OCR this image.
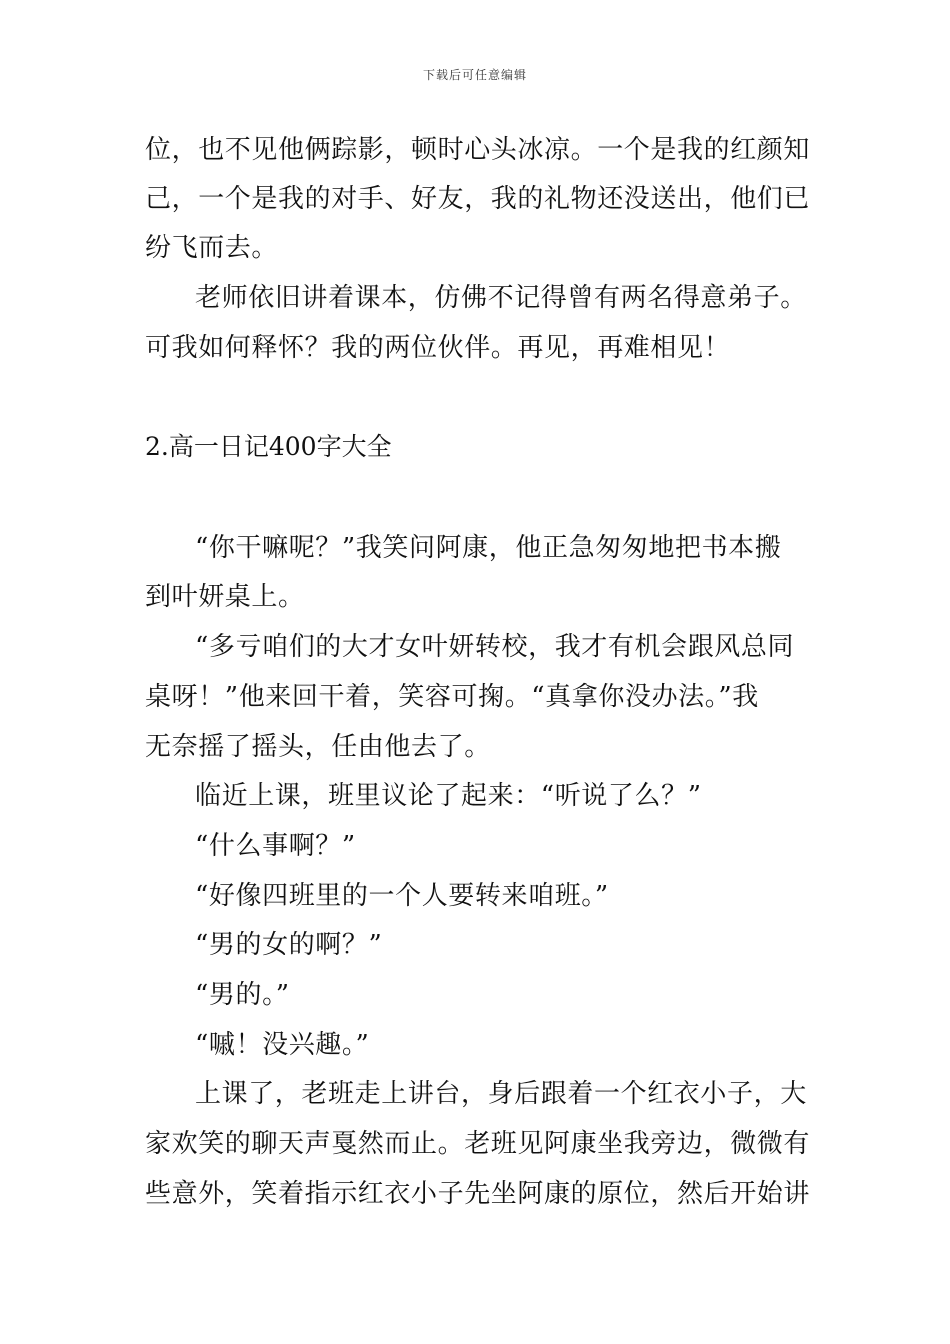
下载后可任意编辑
位，也不见他俩踪影，顿时心头冰凉。一个是我的红颜知
己，一个是我的对手、好友，我的礼物还没送出，他们已
纷飞而去。
老师依旧讲着课本，仿佛不记得曾有两名得意弟子。
可我如何释怀？我的两位伙伴。再见，再难相见！
2.高一日记400字大全
“你干嘛呢？”我笑问阿康，他正急匆匆地把书本搬
到叶妍桌上。
“多亏咱们的大才女叶妍转校，我才有机会跟风总同
桌呀！”他来回干着，笑容可掬。“真拿你没办法。”我
无奈摇了摇头，任由他去了。
临近上课，班里议论了起来：“听说了么？”
“什么事啊？”
“好像四班里的一个人要转来咱班。”
“男的女的啊？”
“男的。”
“嘁！没兴趣。”
上课了，老班走上讲台，身后跟着一个红衣小子，大
家欢笑的聊天声戛然而止。老班见阿康坐我旁边，微微有
些意外，笑着指示红衣小子先坐阿康的原位，然后开始讲
